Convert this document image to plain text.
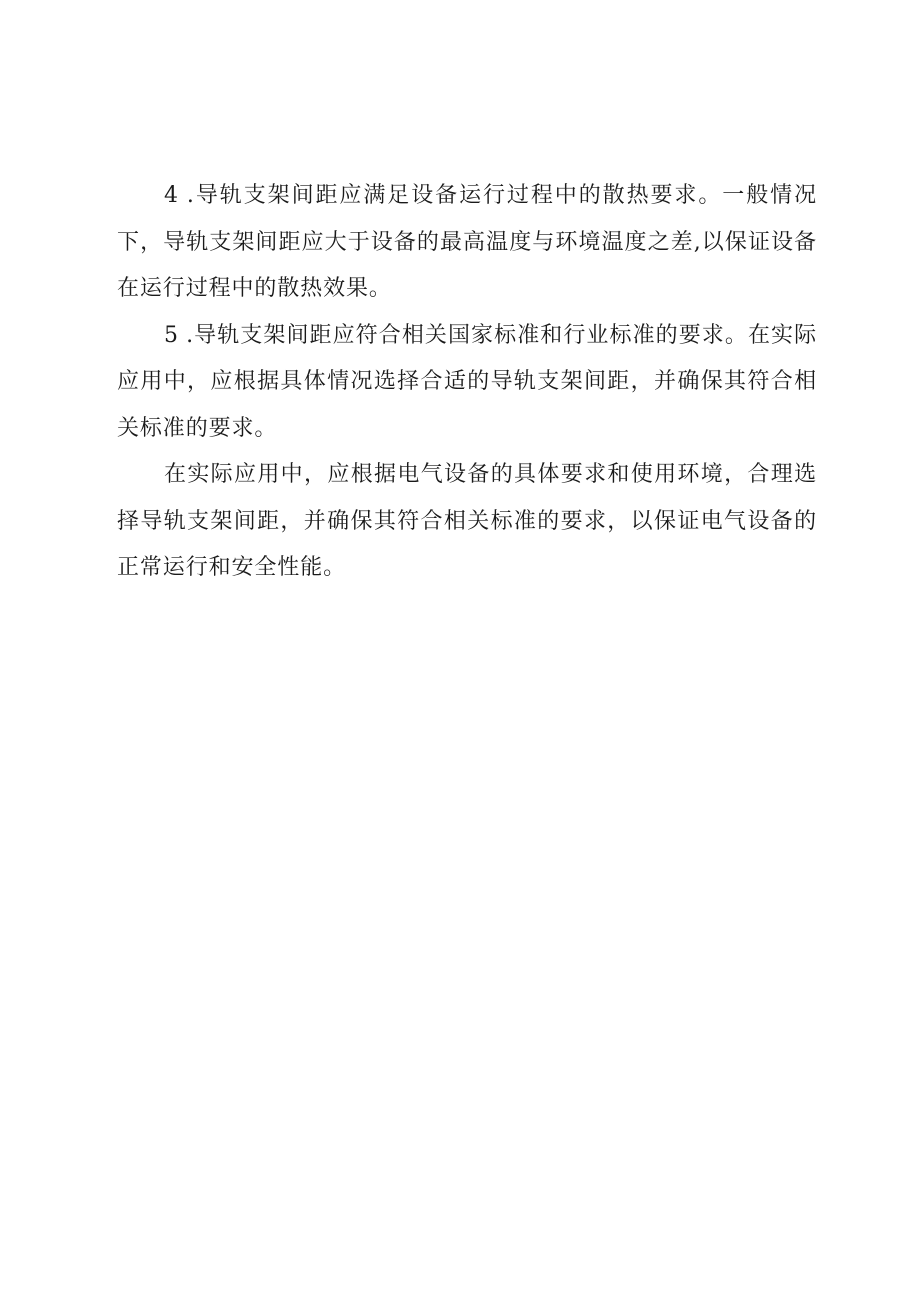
4 .导轨支架间距应满足设备运行过程中的散热要求。一般情况下，导轨支架间距应大于设备的最高温度与环境温度之差,以保证设备在运行过程中的散热效果。

5 .导轨支架间距应符合相关国家标准和行业标准的要求。在实际应用中，应根据具体情况选择合适的导轨支架间距，并确保其符合相关标准的要求。

在实际应用中，应根据电气设备的具体要求和使用环境，合理选择导轨支架间距，并确保其符合相关标准的要求，以保证电气设备的正常运行和安全性能。
